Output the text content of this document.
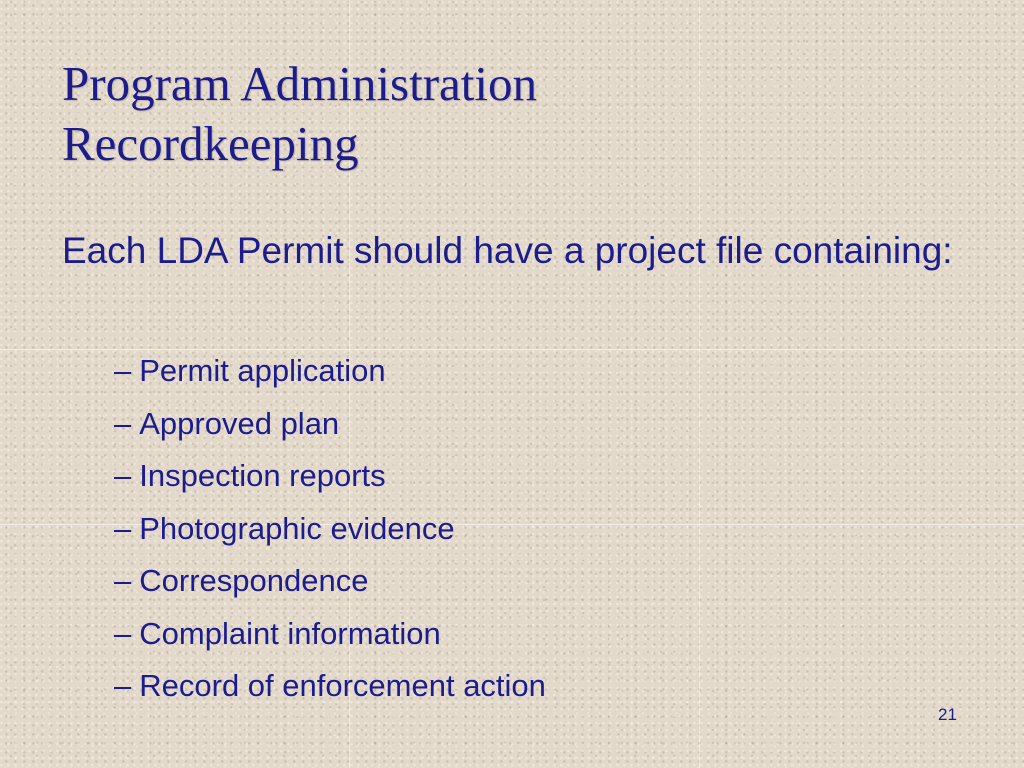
Program Administration
Recordkeeping

Each LDA Permit should have a project file containing:

– Permit application
– Approved plan
– Inspection reports
– Photographic evidence
– Correspondence
– Complaint information
– Record of enforcement action
21
